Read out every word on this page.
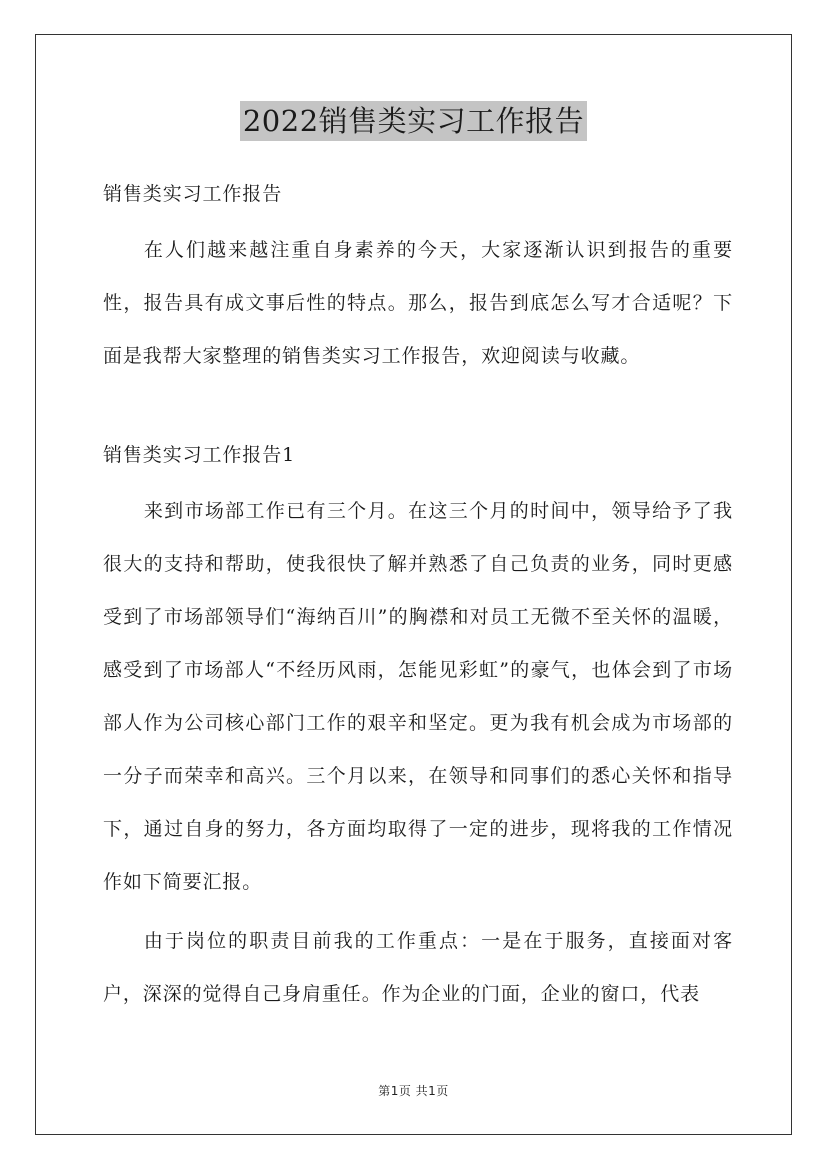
2022销售类实习工作报告

销售类实习工作报告

在人们越来越注重自身素养的今天，大家逐渐认识到报告的重要性，报告具有成文事后性的特点。那么，报告到底怎么写才合适呢？下面是我帮大家整理的销售类实习工作报告，欢迎阅读与收藏。

销售类实习工作报告1

来到市场部工作已有三个月。在这三个月的时间中，领导给予了我很大的支持和帮助，使我很快了解并熟悉了自己负责的业务，同时更感受到了市场部领导们“海纳百川”的胸襟和对员工无微不至关怀的温暖，感受到了市场部人“不经历风雨，怎能见彩虹”的豪气，也体会到了市场部人作为公司核心部门工作的艰辛和坚定。更为我有机会成为市场部的一分子而荣幸和高兴。三个月以来，在领导和同事们的悉心关怀和指导下，通过自身的努力，各方面均取得了一定的进步，现将我的工作情况作如下简要汇报。

由于岗位的职责目前我的工作重点：一是在于服务，直接面对客户，深深的觉得自己身肩重任。作为企业的门面，企业的窗口，代表

第1页 共1页
